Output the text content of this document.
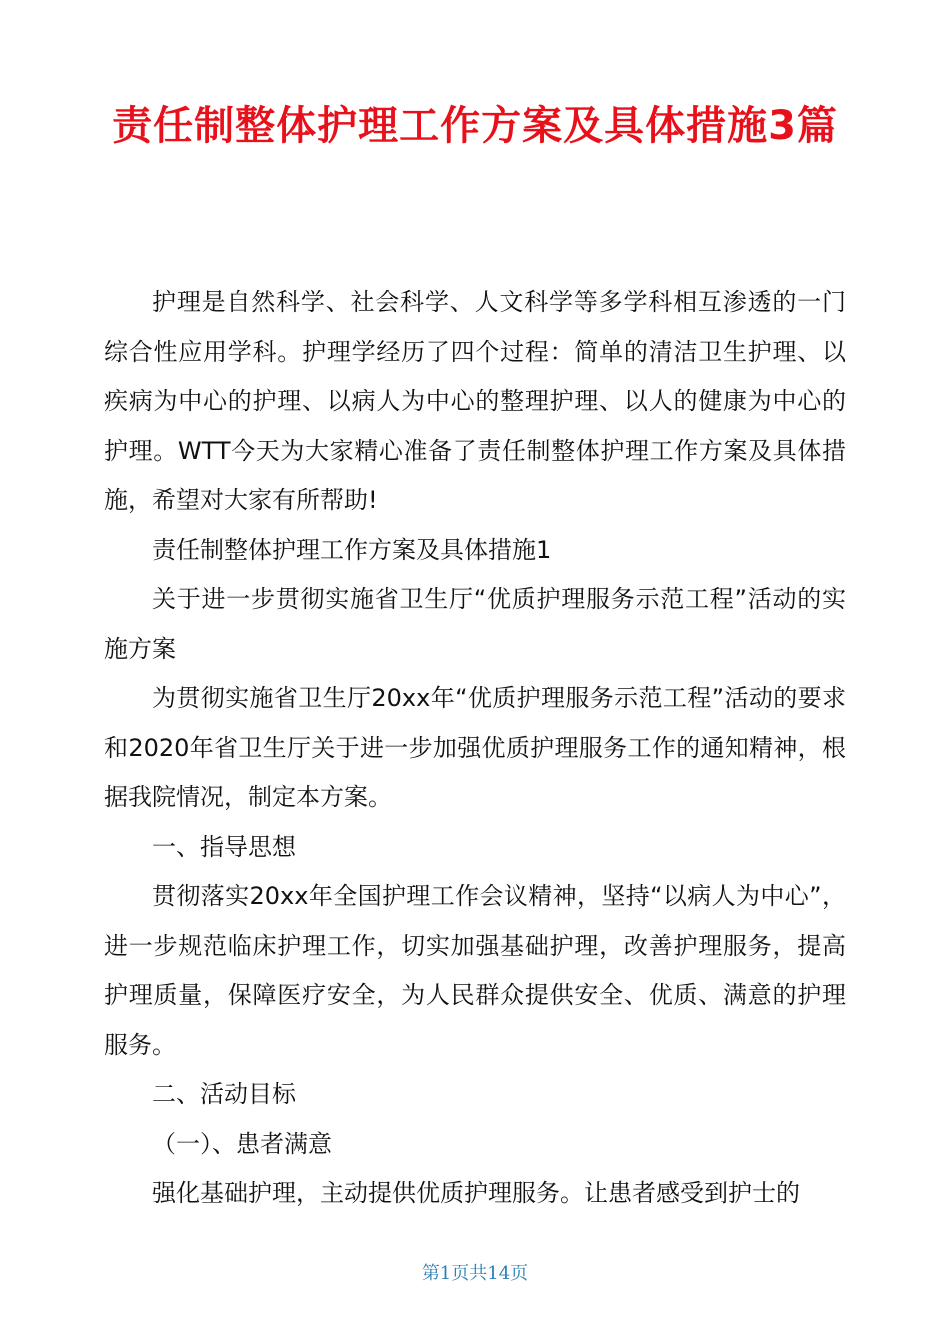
责任制整体护理工作方案及具体措施3篇

护理是自然科学、社会科学、人文科学等多学科相互渗透的一门综合性应用学科。护理学经历了四个过程：简单的清洁卫生护理、以疾病为中心的护理、以病人为中心的整理护理、以人的健康为中心的护理。WTT今天为大家精心准备了责任制整体护理工作方案及具体措施，希望对大家有所帮助!

责任制整体护理工作方案及具体措施1

关于进一步贯彻实施省卫生厅“优质护理服务示范工程”活动的实施方案

为贯彻实施省卫生厅20xx年“优质护理服务示范工程”活动的要求和2020年省卫生厅关于进一步加强优质护理服务工作的通知精神，根据我院情况，制定本方案。

一、指导思想

贯彻落实20xx年全国护理工作会议精神，坚持“以病人为中心”，进一步规范临床护理工作，切实加强基础护理，改善护理服务，提高护理质量，保障医疗安全，为人民群众提供安全、优质、满意的护理服务。

二、活动目标

（一）、患者满意

强化基础护理，主动提供优质护理服务。让患者感受到护士的

第1页共14页
